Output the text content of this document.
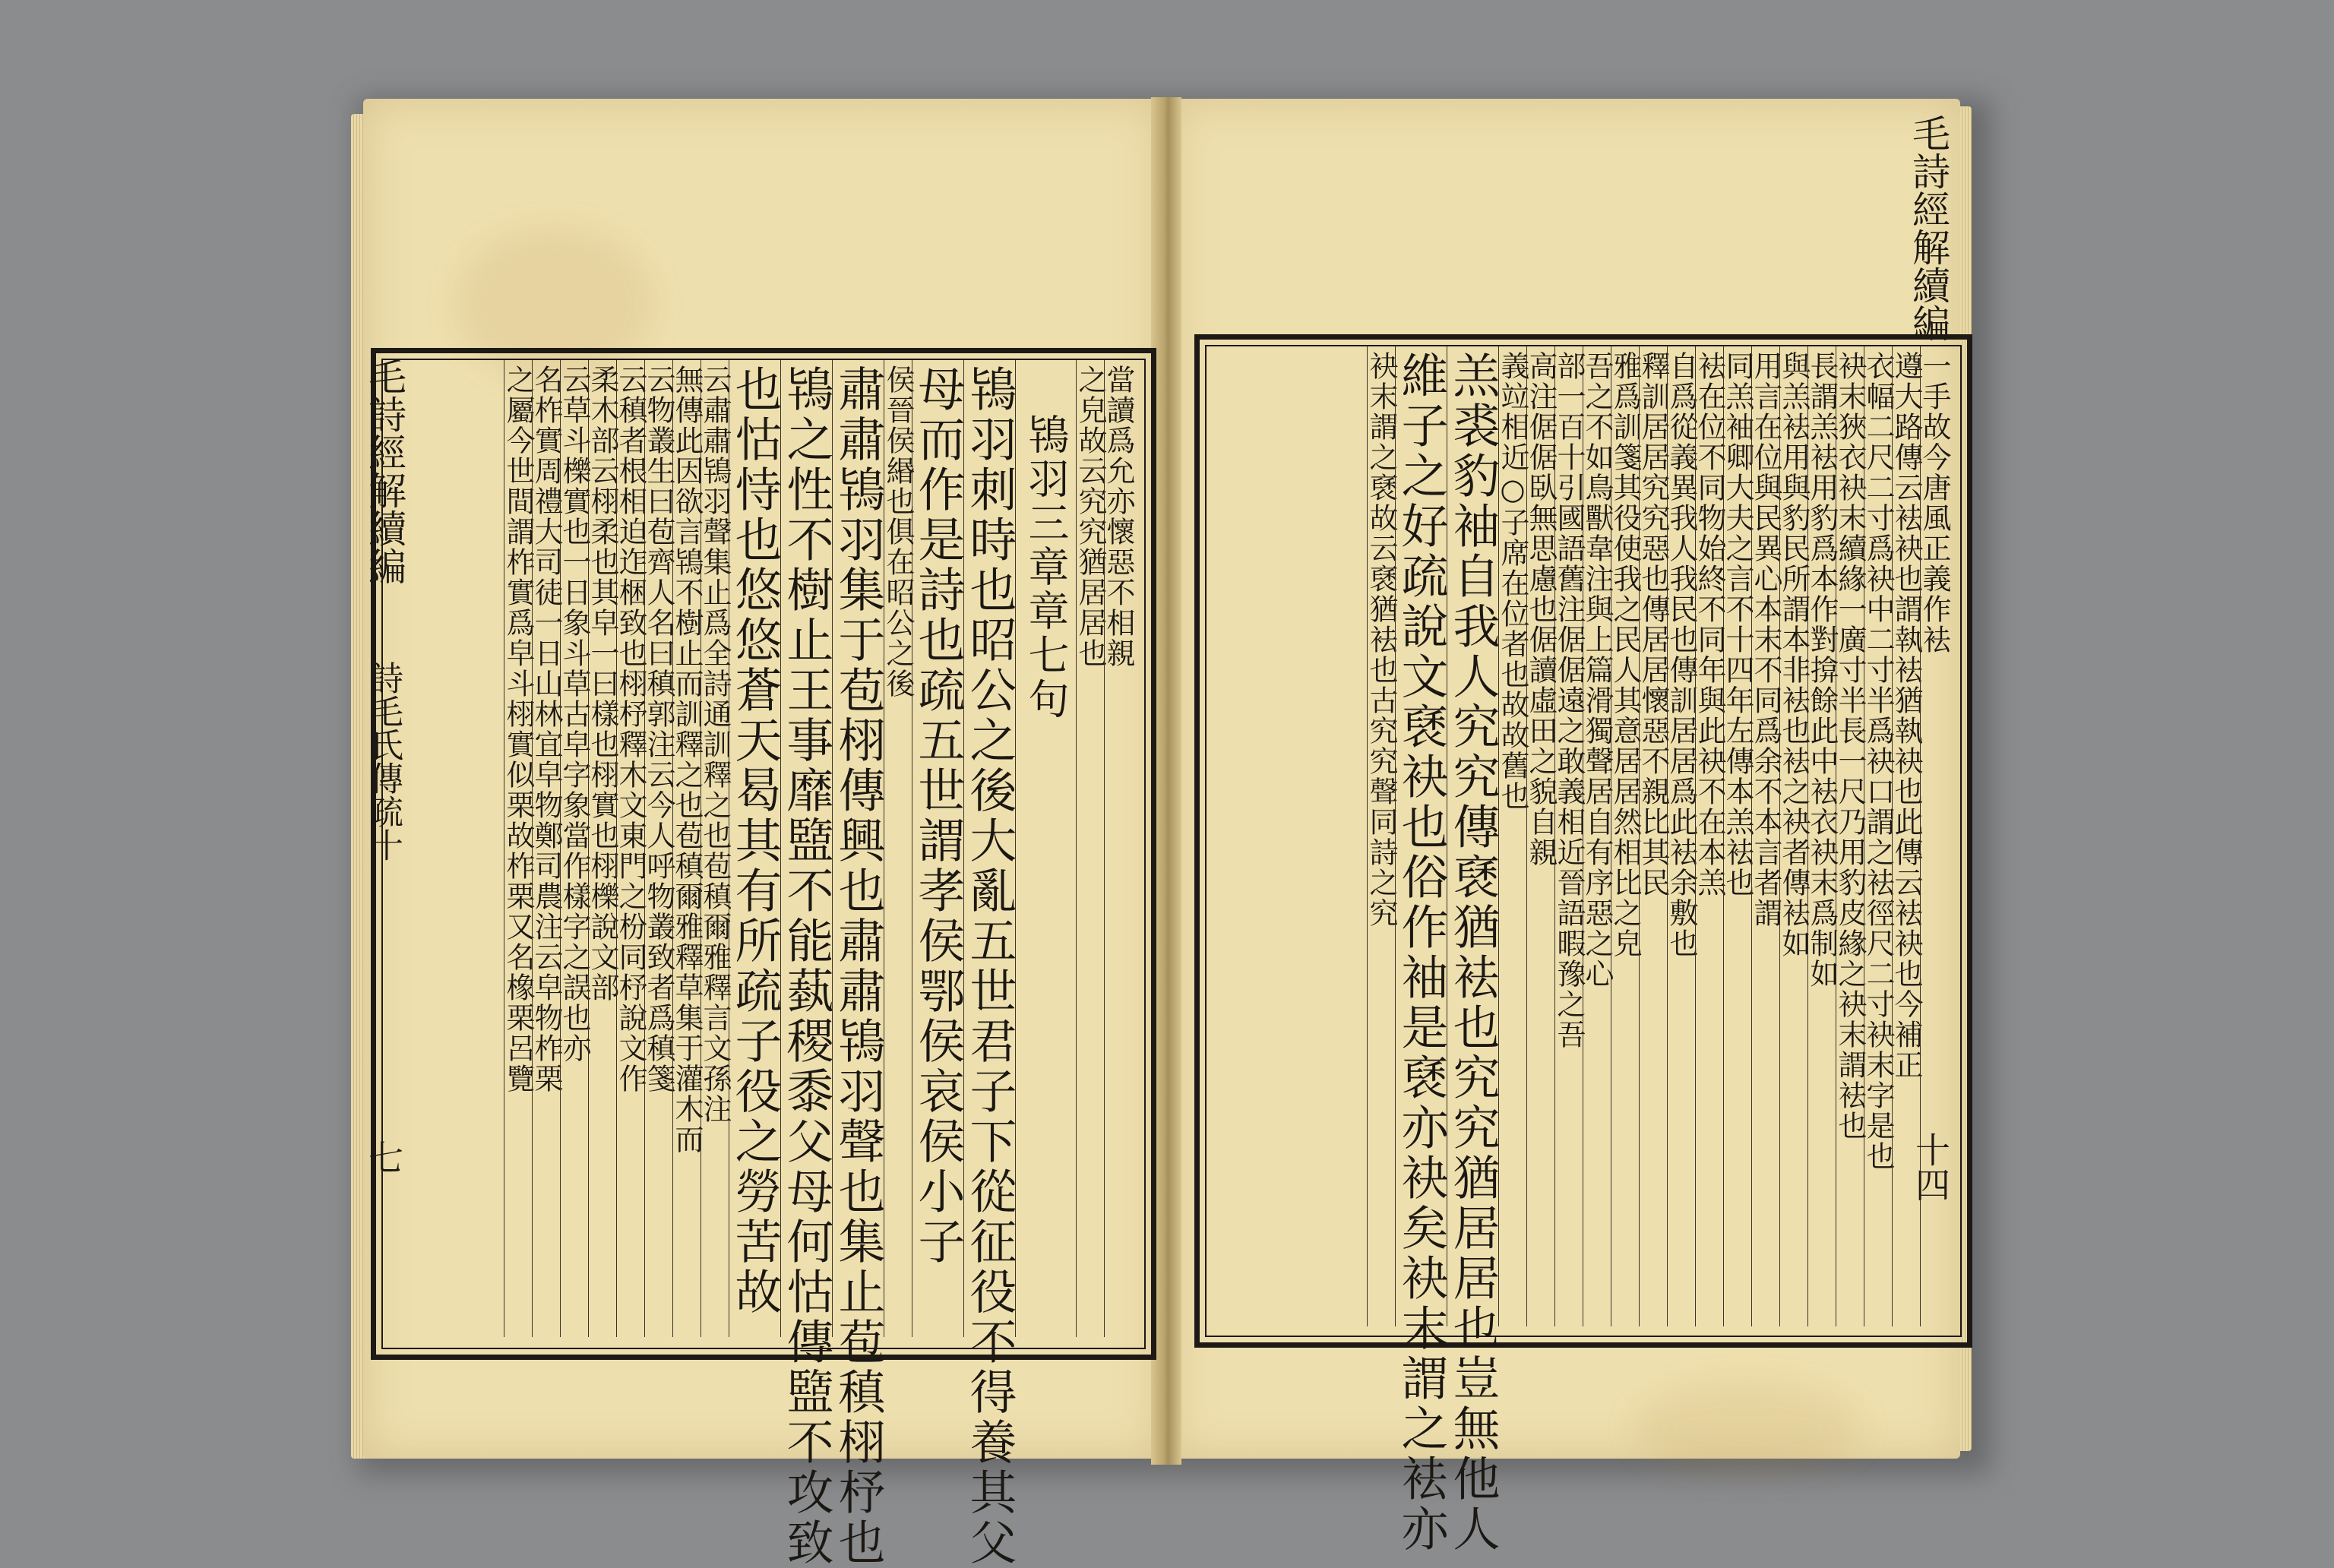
當讀爲允亦懷惡不相親
之皃故云究究猶居居也
鴇羽三章章七句
鴇羽刺時也昭公之後大亂五世君子下從征役不得養其父
母而作是詩也疏五世謂孝侯鄂侯哀侯小子
侯晉侯緡也俱在昭公之後
肅肅鴇羽集于苞栩傳興也肅肅鴇羽聲也集止苞稹栩杼也
鴇之性不樹止王事靡盬不能蓺稷黍父母何怙傳盬不攻致
也怙恃也悠悠蒼天曷其有所疏子役之勞苦故
云肅肅鴇羽聲集止爲全詩通訓釋之也苞稹爾雅釋言文孫注
無傳此因欲言鴇不樹止而訓釋之也苞稹爾雅釋草集于灌木而
云物叢生曰苞齊人名曰稹郭注云今人呼物叢致者爲稹箋
云稹者根相迫迮梱致也栩杼釋木文東門之枌同杼說文作
柔木部云栩柔也其皁一曰樣也栩實也栩櫟說文部
云草斗櫟實也一日象斗草古皁字象當作樣字之誤也亦
名柞實周禮大司徒一日山林宜皁物鄭司農注云皁物柞栗
之屬今世間謂柞實爲皁斗栩實似栗故柞栗又名橡栗呂覽	一手故今唐風正義作袪
遵大路傳云袪袂也謂執袪猶執袂也此傳云袪袂也今補正
衣幅二尺二寸爲袂中二寸半爲袂口謂之袪徑尺二寸袂末字是也
袂末狹衣袂末續緣一廣寸半長一尺乃用豹皮緣之袂末謂袪也
長謂羔袪用豹爲本作對揜餘此中袪衣袂末爲制如
與羔袪用與豹民所謂本非袪也袪之袂者傳袪如
用言在位與民異心本末不同爲余不本言者謂
同羔袖卿大夫之言不十四年左傳本羔袪也
袪在位不同物始終不同年與此袂不在本羔
自爲從義異我人我民也傳訓居居爲此袪余敷也
釋訓居居究究惡也傳居居懷惡不親比其民
雅爲訓箋其役使我之民人其意居居然相比之皃
吾之不如鳥獸韋注與上篇滑獨聲居自有序惡之心
部一百十引國語舊注倨倨遠之敢義相近晉語暇豫之吾
高注倨倨臥無思慮也倨讀虛田之貌自親
義竝相近○子席在位者也故故舊也
羔裘豹袖自我人究究傳褎猶袪也究究猶居居也豈無他人
維子之好疏說文褎袂也俗作袖是褎亦袂矣袂末謂之袪亦
袂末謂之褎故云褎猶袪也古究究聲同詩之究
毛詩經解續編
詩毛氏傳疏十
七
毛詩經解續編
十四
